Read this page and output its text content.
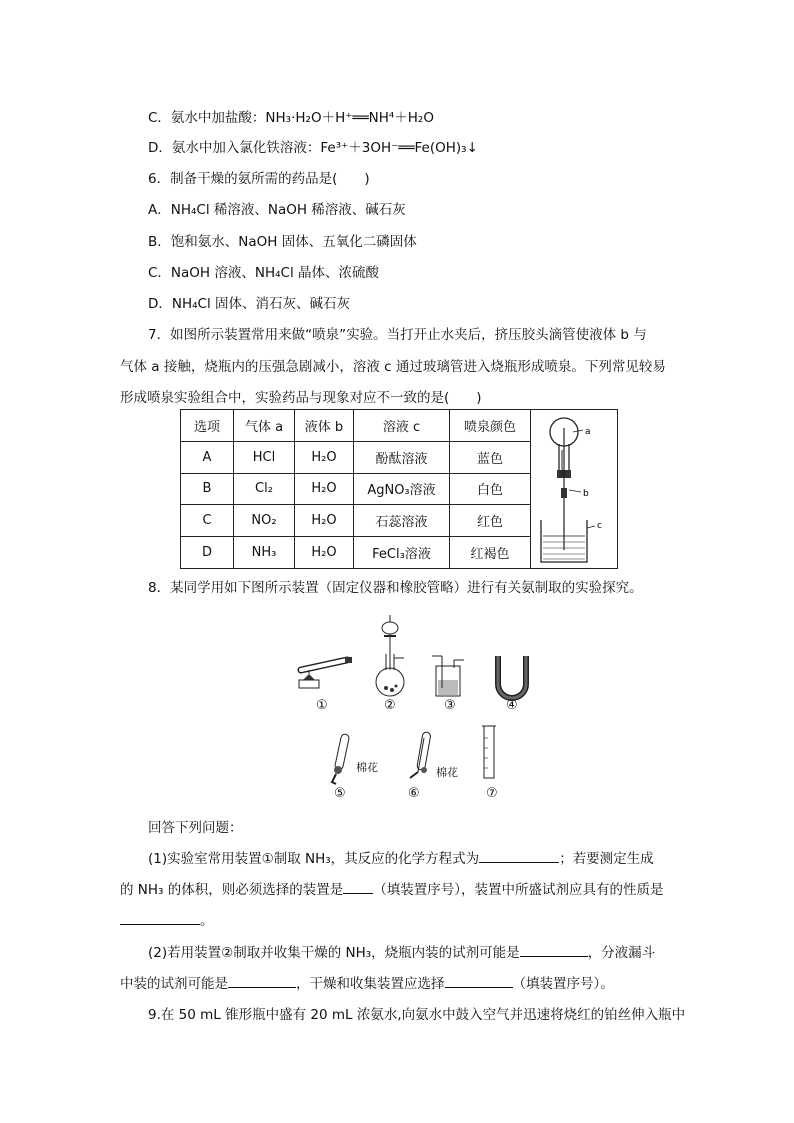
C．氨水中加盐酸：NH₃·H₂O＋H⁺══NH⁴＋H₂O
D．氨水中加入氯化铁溶液：Fe³⁺＋3OH⁻══Fe(OH)₃↓
6．制备干燥的氨所需的药品是(　　)
A．NH₄Cl 稀溶液、NaOH 稀溶液、碱石灰
B．饱和氨水、NaOH 固体、五氧化二磷固体
C．NaOH 溶液、NH₄Cl 晶体、浓硫酸
D．NH₄Cl 固体、消石灰、碱石灰
7．如图所示装置常用来做“喷泉”实验。当打开止水夹后，挤压胶头滴管使液体 b 与
气体 a 接触，烧瓶内的压强急剧减小，溶液 c 通过玻璃管进入烧瓶形成喷泉。下列常见较易
形成喷泉实验组合中，实验药品与现象对应不一致的是(　　)
选项	气体 a	液体 b	溶液 c	喷泉颜色	a
b
c

A	HCl	H₂O	酚酞溶液	蓝色	
B	Cl₂	H₂O	AgNO₃溶液	白色	
C	NO₂	H₂O	石蕊溶液	红色	
D	NH₃	H₂O	FeCl₃溶液	红褐色	
8．某同学用如下图所示装置（固定仪器和橡胶管略）进行有关氨制取的实验探究。
①	②	③	④
棉花	棉花
⑤	⑥	⑦
回答下列问题：
(1)实验室常用装置①制取 NH₃，其反应的化学方程式为	；若要测定生成
的 NH₃ 的体积，则必须选择的装置是 （填装置序号），装置中所盛试剂应具有的性质是
。
(2)若用装置②制取并收集干燥的 NH₃，烧瓶内装的试剂可能是	，分液漏斗
中装的试剂可能是	，干燥和收集装置应选择	（填装置序号）。
9.在 50 mL 锥形瓶中盛有 20 mL 浓氨水,向氨水中鼓入空气并迅速将烧红的铂丝伸入瓶中
